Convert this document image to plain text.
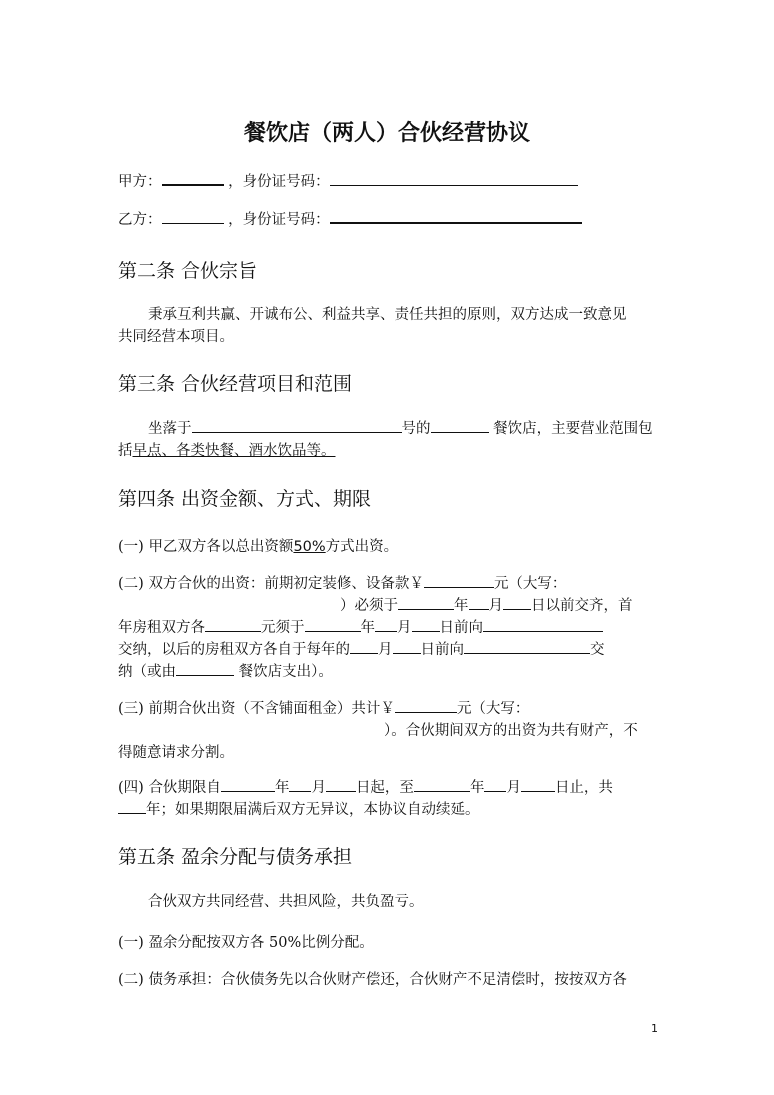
餐饮店（两人）合伙经营协议
甲方：	，身份证号码：
乙方：	，身份证号码：
第二条 合伙宗旨
秉承互利共赢、开诚布公、利益共享、责任共担的原则，双方达成一致意见
共同经营本项目。
第三条 合伙经营项目和范围
坐落于	号的	餐饮店，主要营业范围包
括早点、各类快餐、酒水饮品等。
第四条 出资金额、方式、期限
(一) 甲乙双方各以总出资额50%方式出资。
(二) 双方合伙的出资：前期初定装修、设备款￥	元（大写：
）必须于	年 月 日以前交齐，首
年房租双方各	元须于	年 月 日前向
交纳，以后的房租双方各自于每年的 月 日前向	交
纳（或由	餐饮店支出）。
(三) 前期合伙出资（不含铺面租金）共计￥	元（大写：
）。合伙期间双方的出资为共有财产，不
得随意请求分割。
(四) 合伙期限自	年 月 日起，至	年 月 日止，共
年；如果期限届满后双方无异议，本协议自动续延。
第五条 盈余分配与债务承担
合伙双方共同经营、共担风险，共负盈亏。
(一) 盈余分配按双方各 50%比例分配。
(二) 债务承担：合伙债务先以合伙财产偿还，合伙财产不足清偿时，按按双方各
1
